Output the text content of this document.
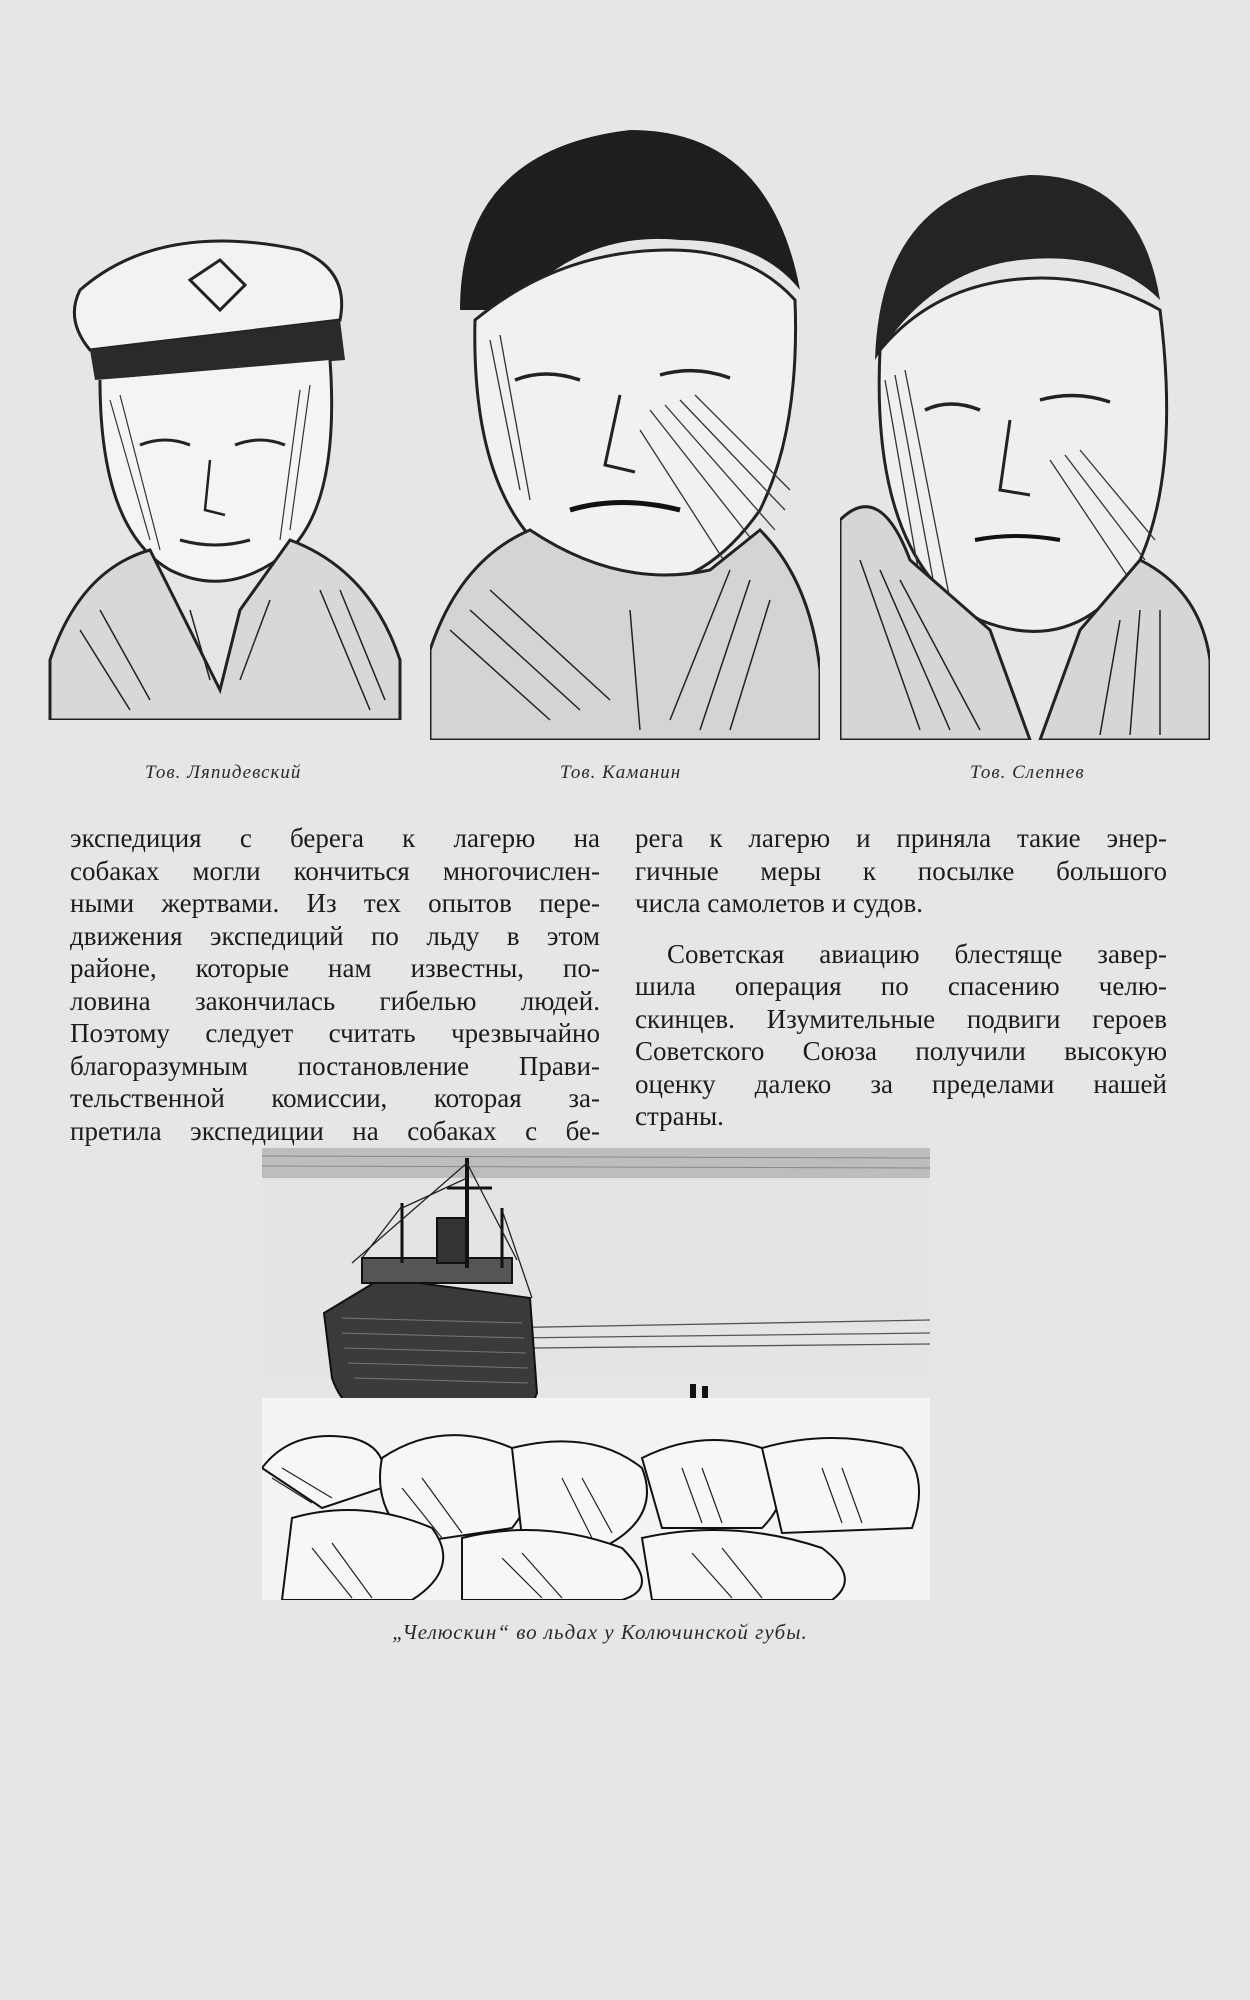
Тов. Ляпидевский	Тов. Каманин	Тов. Слепнев
экспедиция с берега к лагерю на
собаках могли кончиться многочислен-
ными жертвами. Из тех опытов пере-
движения экспедиций по льду в этом
районе, которые нам известны, по-
ловина закончилась гибелью людей.
Поэтому следует считать чрезвычайно
благоразумным постановление Прави-
тельственной комиссии, которая за-
претила экспедиции на собаках с бе-
рега к лагерю и приняла такие энер-
гичные меры к посылке большого
числа самолетов и судов.
Советская авиацию блестяще завер-
шила операция по спасению челю-
скинцев. Изумительные подвиги героев
Советского Союза получили высокую
оценку далеко за пределами нашей
страны.
„Челюскин“ во льдах у Колючинской губы.
